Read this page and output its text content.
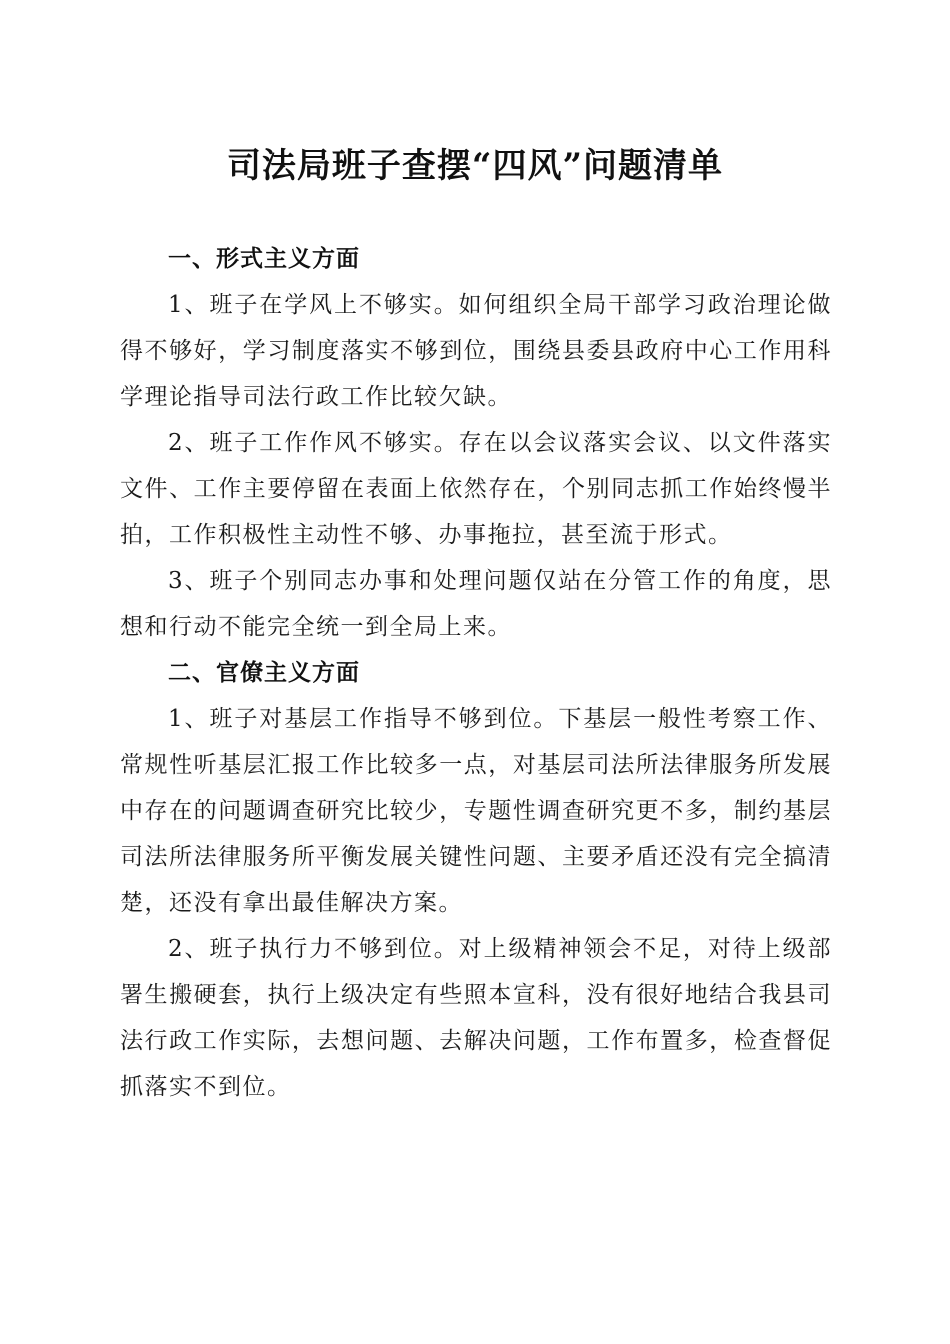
司法局班子查摆“四风”问题清单
一、形式主义方面

1、班子在学风上不够实。如何组织全局干部学习政治理论做得不够好，学习制度落实不够到位，围绕县委县政府中心工作用科学理论指导司法行政工作比较欠缺。

2、班子工作作风不够实。存在以会议落实会议、以文件落实文件、工作主要停留在表面上依然存在，个别同志抓工作始终慢半拍，工作积极性主动性不够、办事拖拉，甚至流于形式。

3、班子个别同志办事和处理问题仅站在分管工作的角度，思想和行动不能完全统一到全局上来。

二、官僚主义方面

1、班子对基层工作指导不够到位。下基层一般性考察工作、常规性听基层汇报工作比较多一点，对基层司法所法律服务所发展中存在的问题调查研究比较少，专题性调查研究更不多，制约基层司法所法律服务所平衡发展关键性问题、主要矛盾还没有完全搞清楚，还没有拿出最佳解决方案。

2、班子执行力不够到位。对上级精神领会不足，对待上级部署生搬硬套，执行上级决定有些照本宣科，没有很好地结合我县司法行政工作实际，去想问题、去解决问题，工作布置多，检查督促抓落实不到位。
